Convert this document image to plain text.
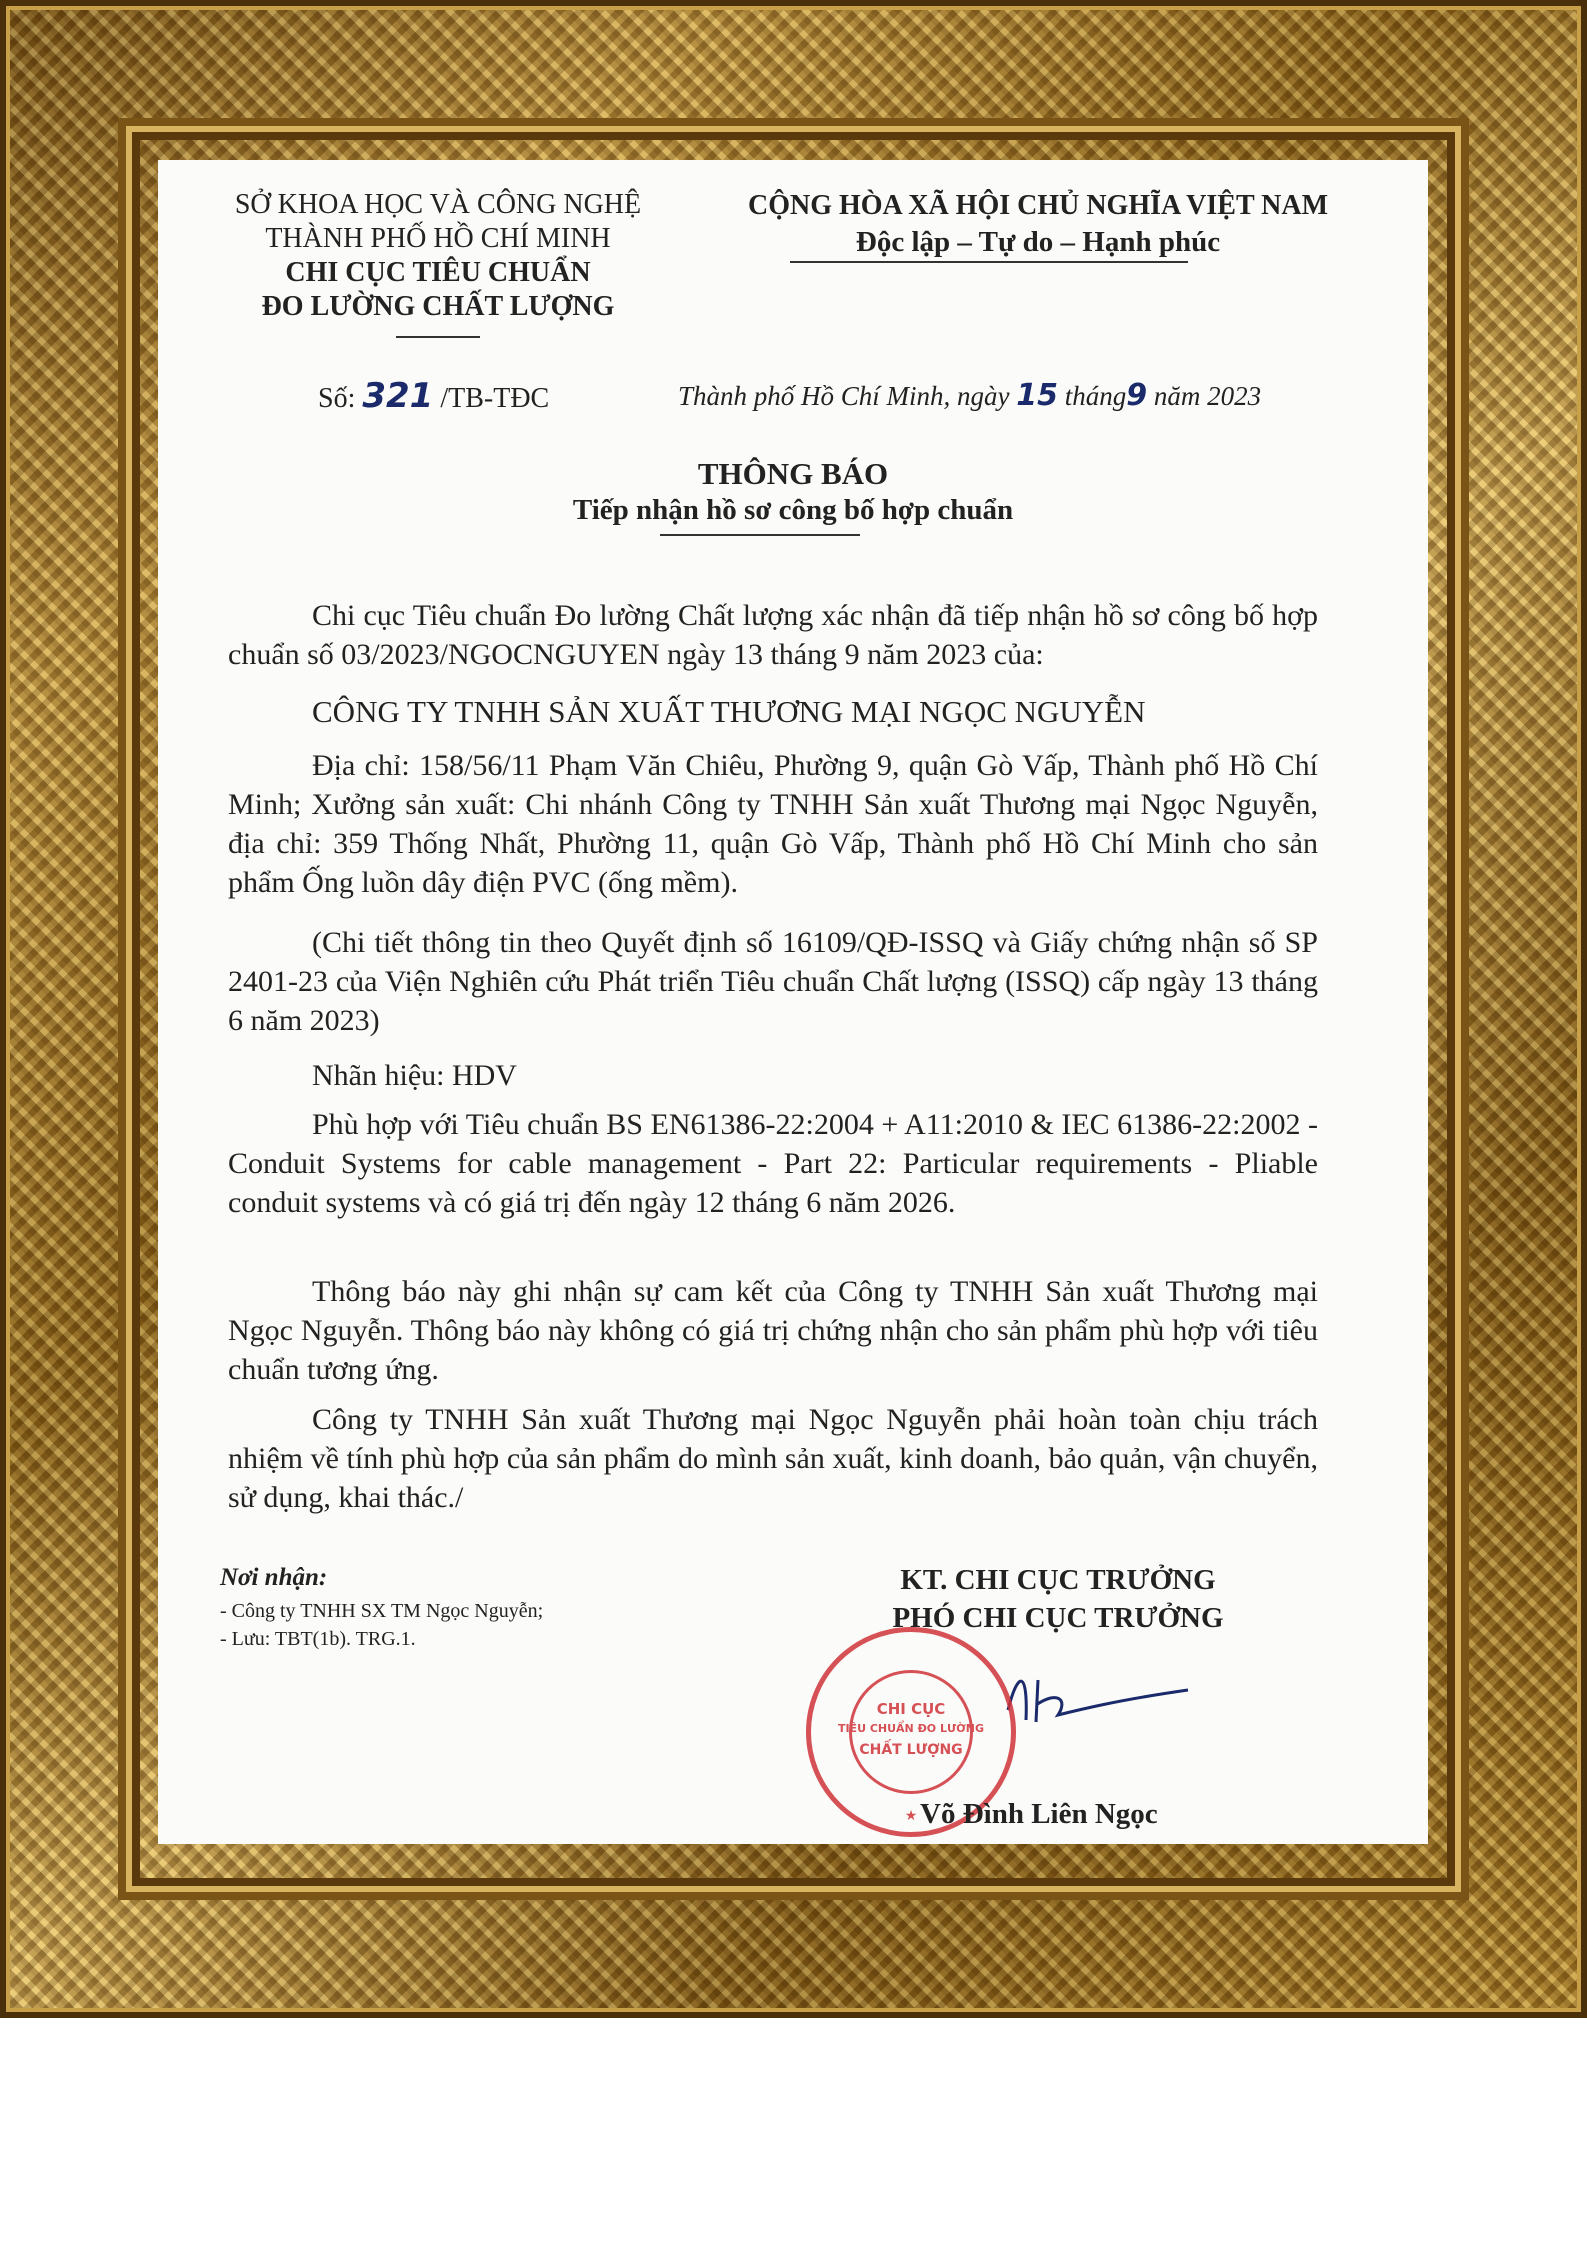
SỞ KHOA HỌC VÀ CÔNG NGHỆ
THÀNH PHỐ HỒ CHÍ MINH
CHI CỤC TIÊU CHUẨN
ĐO LƯỜNG CHẤT LƯỢNG
CỘNG HÒA XÃ HỘI CHỦ NGHĨA VIỆT NAM
Độc lập – Tự do – Hạnh phúc
Số: 321 /TB-TĐC	Thành phố Hồ Chí Minh, ngày 15 tháng9 năm 2023
THÔNG BÁO
Tiếp nhận hồ sơ công bố hợp chuẩn
Chi cục Tiêu chuẩn Đo lường Chất lượng xác nhận đã tiếp nhận hồ sơ công bố hợp chuẩn số 03/2023/NGOCNGUYEN ngày 13 tháng 9 năm 2023 của:
CÔNG TY TNHH SẢN XUẤT THƯƠNG MẠI NGỌC NGUYỄN
Địa chỉ: 158/56/11 Phạm Văn Chiêu, Phường 9, quận Gò Vấp, Thành phố Hồ Chí Minh; Xưởng sản xuất: Chi nhánh Công ty TNHH Sản xuất Thương mại Ngọc Nguyễn, địa chỉ: 359 Thống Nhất, Phường 11, quận Gò Vấp, Thành phố Hồ Chí Minh cho sản phẩm Ống luồn dây điện PVC (ống mềm).
(Chi tiết thông tin theo Quyết định số 16109/QĐ-ISSQ và Giấy chứng nhận số SP 2401-23 của Viện Nghiên cứu Phát triển Tiêu chuẩn Chất lượng (ISSQ) cấp ngày 13 tháng 6 năm 2023)
Nhãn hiệu: HDV
Phù hợp với Tiêu chuẩn BS EN61386-22:2004 + A11:2010 & IEC 61386-22:2002 - Conduit Systems for cable management - Part 22: Particular requirements - Pliable conduit systems và có giá trị đến ngày 12 tháng 6 năm 2026.
Thông báo này ghi nhận sự cam kết của Công ty TNHH Sản xuất Thương mại Ngọc Nguyễn. Thông báo này không có giá trị chứng nhận cho sản phẩm phù hợp với tiêu chuẩn tương ứng.
Công ty TNHH Sản xuất Thương mại Ngọc Nguyễn phải hoàn toàn chịu trách nhiệm về tính phù hợp của sản phẩm do mình sản xuất, kinh doanh, bảo quản, vận chuyển, sử dụng, khai thác./
Nơi nhận:
- Công ty TNHH SX TM Ngọc Nguyễn;
- Lưu: TBT(1b). TRG.1.
KT. CHI CỤC TRƯỞNG
PHÓ CHI CỤC TRƯỞNG
CHI CỤC
TIÊU CHUẨN ĐO LƯỜNG
CHẤT LƯỢNG
★ Võ Đình Liên Ngọc
